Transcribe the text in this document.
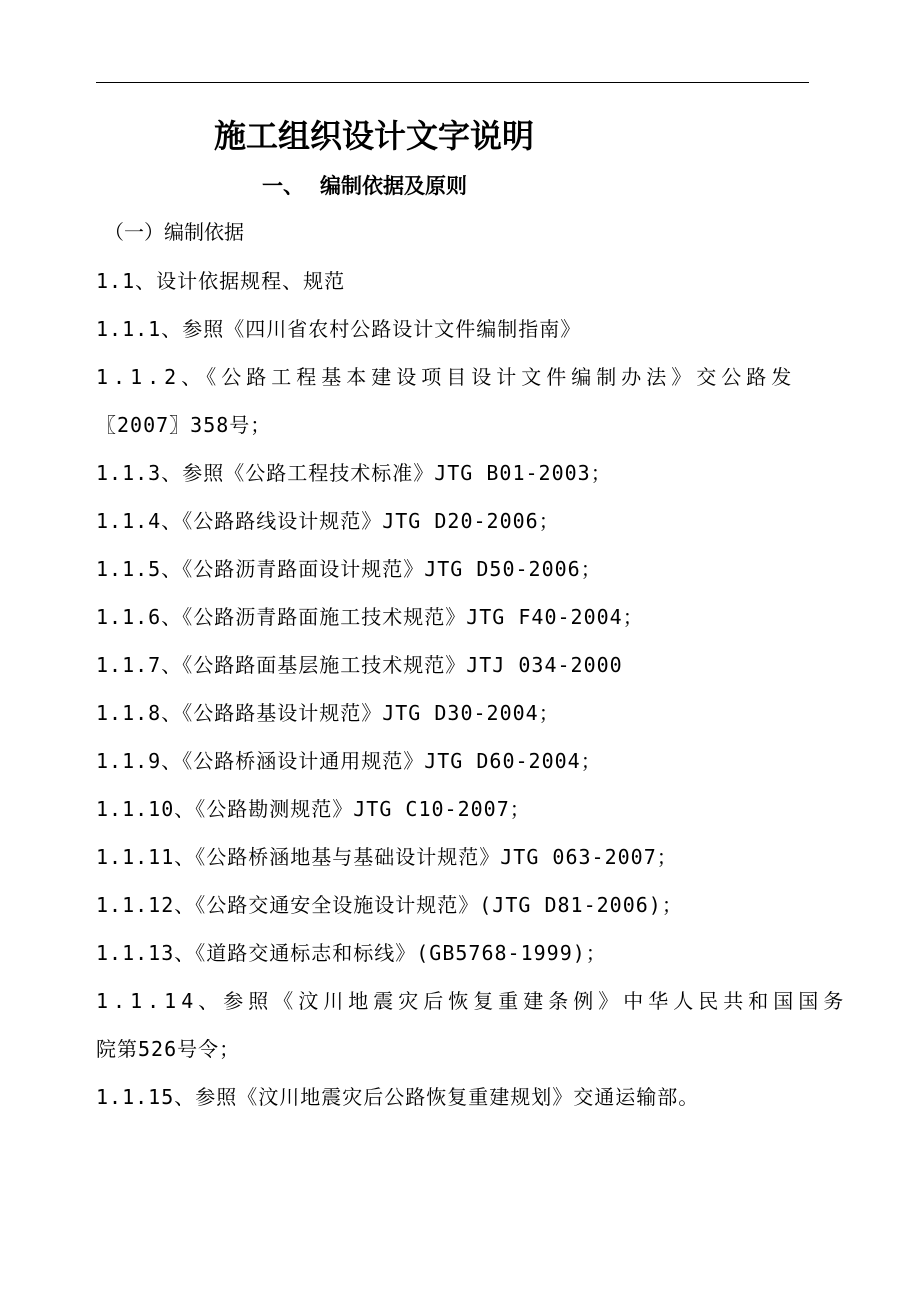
施工组织设计文字说明
一、 编制依据及原则

（一）编制依据

1.1、设计依据规程、规范

1.1.1、参照《四川省农村公路设计文件编制指南》

1.1.2、《公路工程基本建设项目设计文件编制办法》交公路发

〖2007〗358号；

1.1.3、参照《公路工程技术标准》JTG B01-2003；

1.1.4、《公路路线设计规范》JTG D20-2006；

1.1.5、《公路沥青路面设计规范》JTG D50-2006；

1.1.6、《公路沥青路面施工技术规范》JTG F40-2004；

1.1.7、《公路路面基层施工技术规范》JTJ 034-2000

1.1.8、《公路路基设计规范》JTG D30-2004；

1.1.9、《公路桥涵设计通用规范》JTG D60-2004；

1.1.10、《公路勘测规范》JTG C10-2007；

1.1.11、《公路桥涵地基与基础设计规范》JTG 063-2007；

1.1.12、《公路交通安全设施设计规范》(JTG D81-2006)；

1.1.13、《道路交通标志和标线》(GB5768-1999)；

1.1.14、参照《汶川地震灾后恢复重建条例》中华人民共和国国务

院第526号令；

1.1.15、参照《汶川地震灾后公路恢复重建规划》交通运输部。
